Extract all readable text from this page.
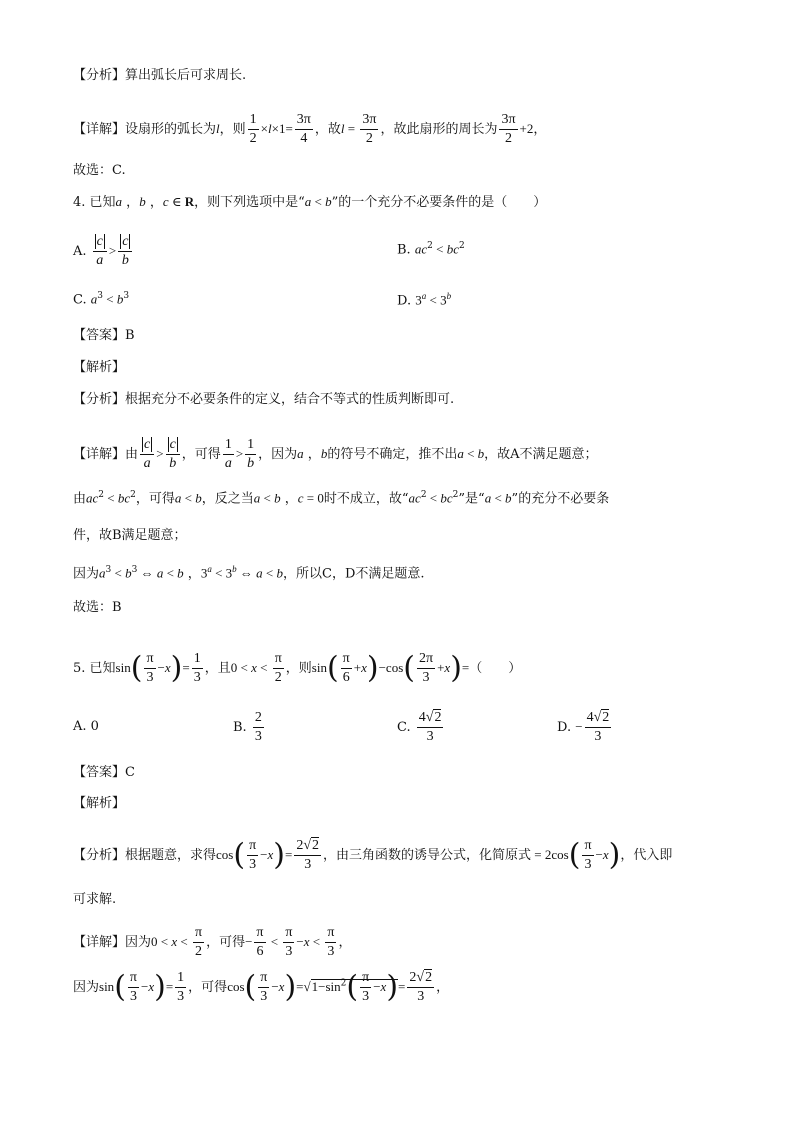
【分析】算出弧长后可求周长.
【详解】设扇形的弧长为l，则 $\frac{1}{2} \times l\times 1= \frac{3\pi}{4}$ ，故$l = \frac{3\pi}{2}$ ，故此扇形的周长为 $\frac{3\pi}{2} +2$，
故选：C.
4. 已知a ，b ，c ∈ R，则下列选项中是“a < b”的一个充分不必要条件的是（　　）
A. $\frac{c}{a} > \frac{c}{b}$	B. $ac^2 < bc^2$
C. $a^3 < b^3$	D. $3^a < 3^b$
【答案】B
【解析】
【分析】根据充分不必要条件的定义，结合不等式的性质判断即可.
【详解】由 $\frac{c}{a} > \frac{c}{b}$ ，可得 $\frac{1}{a} > \frac{1}{b}$ ，因为a ，b的符号不确定，推不出a < b，故A不满足题意；
由$ac^2 < bc^2$，可得a < b，反之当a < b ，c = 0时不成立，故“$ac^2 < bc^2$”是“a < b”的充分不必要条
件，故B满足题意；
因为$a^3 < b^3$ ⇔ a < b ，$3^a < 3^b$ ⇔ a < b，所以C，D不满足题意.
故选：B
5. 已知$\sin( \frac{\pi}{3} -x)= \frac{1}{3}$ ，且$0 < x < \frac{\pi}{2}$ ，则$\sin( \frac{\pi}{6} +x)-\cos( \frac{2\pi}{3} +x)=$（　　）
A. 0	B. $\frac{2}{3}$	C. $\frac{4√2}{3}$	D. − $\frac{4√2}{3}$
【答案】C
【解析】
【分析】根据题意，求得$\cos( \frac{\pi}{3} -x)= \frac{2√2}{3}$ ，由三角函数的诱导公式，化简原式 = $2\cos( \frac{\pi}{3} -x)$，代入即
可求解.
【详解】因为$0 < x < \frac{\pi}{2}$ ，可得− $\frac{\pi}{6} < \frac{\pi}{3} -x < \frac{\pi}{3}$ ，
因为$\sin( \frac{\pi}{3} -x)= \frac{1}{3}$ ，可得$\cos( \frac{\pi}{3} -x)=√1-\sin^2( \frac{\pi}{3} -x)= \frac{2√2}{3}$ ，
